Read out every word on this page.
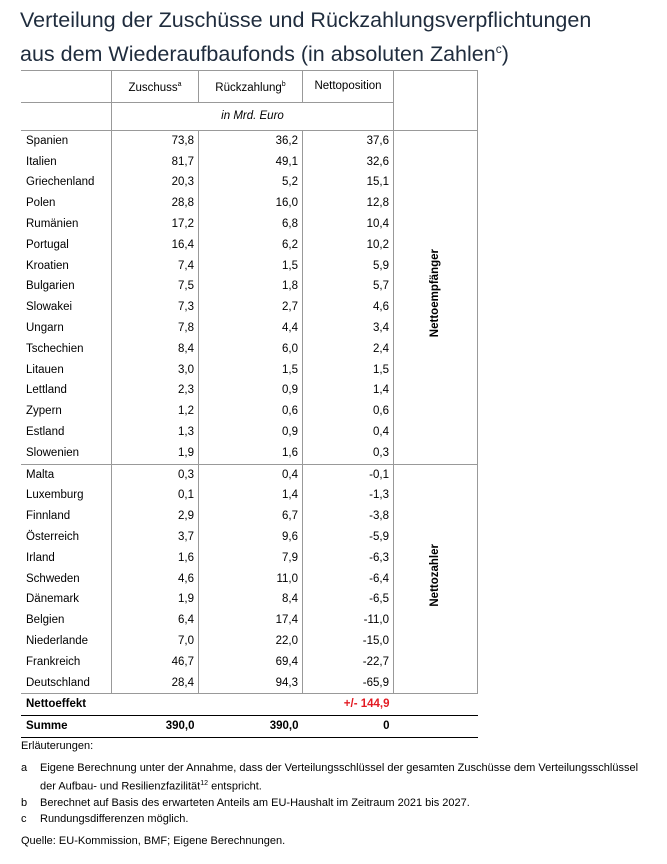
Verteilung der Zuschüsse und Rückzahlungsverpflichtungen
aus dem Wiederaufbaufonds (in absoluten Zahlen$^c$)
	Zuschuss$^a$	Rückzahlung$^b$	Nettoposition	
	in Mrd. Euro			
Spanien	73,8	36,2	37,6	Nettoempfänger
Italien	81,7	49,1	32,6	
Griechenland	20,3	5,2	15,1	
Polen	28,8	16,0	12,8	
Rumänien	17,2	6,8	10,4	
Portugal	16,4	6,2	10,2	
Kroatien	7,4	1,5	5,9	
Bulgarien	7,5	1,8	5,7	
Slowakei	7,3	2,7	4,6	
Ungarn	7,8	4,4	3,4	
Tschechien	8,4	6,0	2,4	
Litauen	3,0	1,5	1,5	
Lettland	2,3	0,9	1,4	
Zypern	1,2	0,6	0,6	
Estland	1,3	0,9	0,4	
Slowenien	1,9	1,6	0,3	
Malta	0,3	0,4	-0,1	Nettozahler
Luxemburg	0,1	1,4	-1,3	
Finnland	2,9	6,7	-3,8	
Österreich	3,7	9,6	-5,9	
Irland	1,6	7,9	-6,3	
Schweden	4,6	11,0	-6,4	
Dänemark	1,9	8,4	-6,5	
Belgien	6,4	17,4	-11,0	
Niederlande	7,0	22,0	-15,0	
Frankreich	46,7	69,4	-22,7	
Deutschland	28,4	94,3	-65,9	
Nettoeffekt			+/- 144,9	
Summe	390,0	390,0	0	
Erläuterungen:
a	Eigene Berechnung unter der Annahme, dass der Verteilungsschlüssel der gesamten Zuschüsse dem Verteilungsschlüssel der Aufbau- und Resilienzfazilität$^{12}$ entspricht.
b	Berechnet auf Basis des erwarteten Anteils am EU-Haushalt im Zeitraum 2021 bis 2027.
c	Rundungsdifferenzen möglich.
Quelle: EU-Kommission, BMF; Eigene Berechnungen.
